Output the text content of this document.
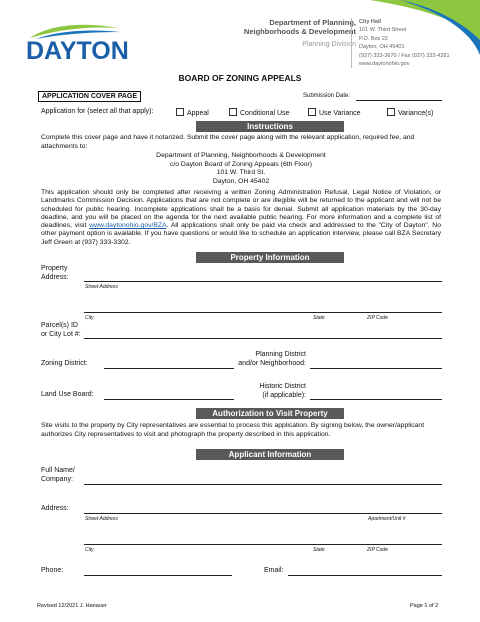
DAYTON
Department of Planning,
Neighborhoods & Development
Planning Division
City Hall
101 W. Third Street
P.O. Box 22
Dayton, OH 45401
(937) 333-3670 / Fax (937) 333-4281
www.daytonohio.gov
BOARD OF ZONING APPEALS
APPLICATION COVER PAGE	Submission Date:
Application for (select all that apply):	Appeal	Conditional Use	Use Variance	Variance(s)
Instructions
Complete this cover page and have it notarized. Submit the cover page along with the relevant application, required fee, and attachments to:
Department of Planning, Neighborhoods & Development
c/o Dayton Board of Zoning Appeals (6th Floor)
101 W. Third St.
Dayton, OH 45402
This application should only be completed after receiving a written Zoning Administration Refusal, Legal Notice of Violation, or Landmarks Commission Decision. Applications that are not complete or are illegible will be returned to the applicant and will not be scheduled for public hearing. Incomplete applications shall be a basis for denial. Submit all application materials by the 30-day deadline, and you will be placed on the agenda for the next available public hearing. For more information and a complete list of deadlines, visit www.daytonohio.gov/BZA. All applications shall only be paid via check and addressed to the "City of Dayton". No other payment option is available. If you have questions or would like to schedule an application interview, please call BZA Secretary Jeff Green at (937) 333-3302.
Property Information
Property
Address:
Street Address
City	State	ZIP Code
Parcel(s) ID
or City Lot #:
Zoning District:
Planning District
and/or Neighborhood:
Land Use Board:
Historic District
(if applicable):
Authorization to Visit Property
Site visits to the property by City representatives are essential to process this application. By signing below, the owner/applicant authorizes City representatives to visit and photograph the property described in this application.
Applicant Information
Full Name/
Company:
Address:
Street Address	Apartment/Unit #
City	State	ZIP Code
Phone:	Email:
Revised 12/2021 J. Hanauer	Page 1 of 2
